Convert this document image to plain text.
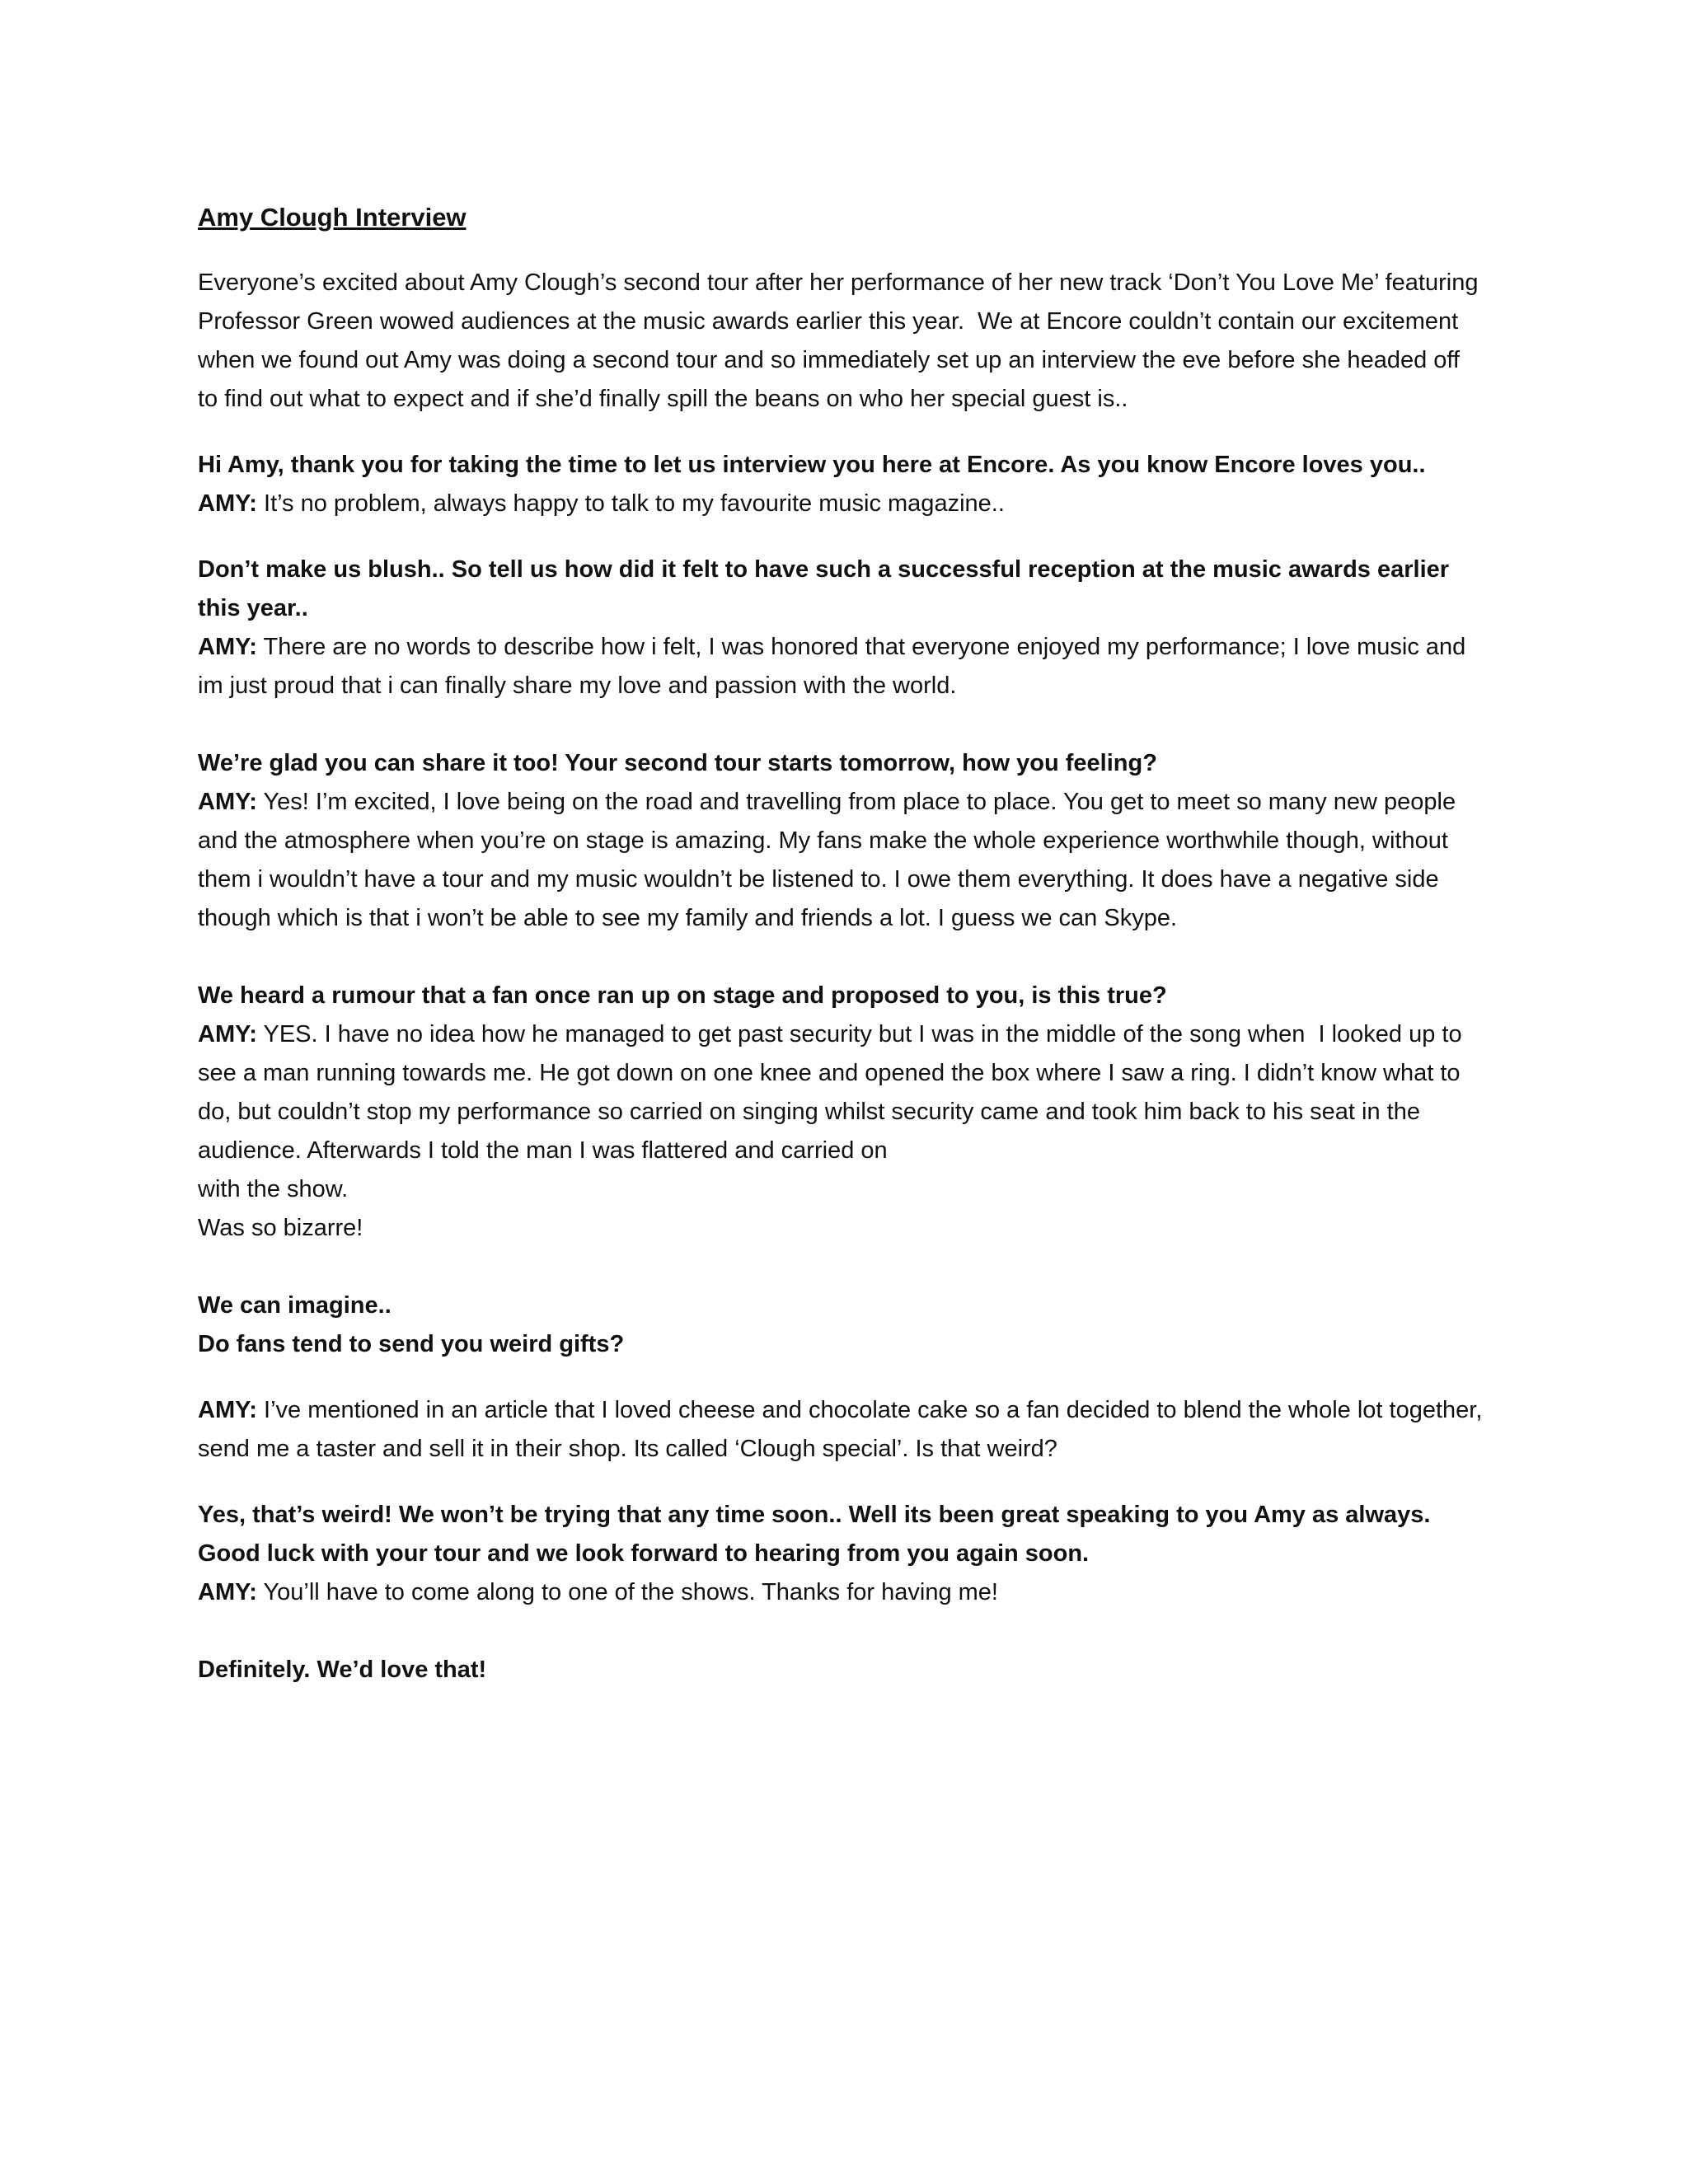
Amy Clough Interview
Everyone’s excited about Amy Clough’s second tour after her performance of her new track ‘Don’t You Love Me’ featuring Professor Green wowed audiences at the music awards earlier this year.  We at Encore couldn’t contain our excitement when we found out Amy was doing a second tour and so immediately set up an interview the eve before she headed off to find out what to expect and if she’d finally spill the beans on who her special guest is..
Hi Amy, thank you for taking the time to let us interview you here at Encore. As you know Encore loves you..
AMY: It’s no problem, always happy to talk to my favourite music magazine..
Don’t make us blush.. So tell us how did it felt to have such a successful reception at the music awards earlier this year..
AMY: There are no words to describe how i felt, I was honored that everyone enjoyed my performance; I love music and im just proud that i can finally share my love and passion with the world.
We’re glad you can share it too! Your second tour starts tomorrow, how you feeling?
AMY: Yes! I’m excited, I love being on the road and travelling from place to place. You get to meet so many new people and the atmosphere when you’re on stage is amazing. My fans make the whole experience worthwhile though, without them i wouldn’t have a tour and my music wouldn’t be listened to. I owe them everything. It does have a negative side though which is that i won’t be able to see my family and friends a lot. I guess we can Skype.
We heard a rumour that a fan once ran up on stage and proposed to you, is this true?
AMY: YES. I have no idea how he managed to get past security but I was in the middle of the song when  I looked up to see a man running towards me. He got down on one knee and opened the box where I saw a ring. I didn’t know what to do, but couldn’t stop my performance so carried on singing whilst security came and took him back to his seat in the audience. Afterwards I told the man I was flattered and carried on
with the show.
Was so bizarre!
We can imagine..
Do fans tend to send you weird gifts?
AMY: I’ve mentioned in an article that I loved cheese and chocolate cake so a fan decided to blend the whole lot together, send me a taster and sell it in their shop. Its called ‘Clough special’. Is that weird?
Yes, that’s weird! We won’t be trying that any time soon.. Well its been great speaking to you Amy as always. Good luck with your tour and we look forward to hearing from you again soon.
AMY: You’ll have to come along to one of the shows. Thanks for having me!
Definitely. We’d love that!
